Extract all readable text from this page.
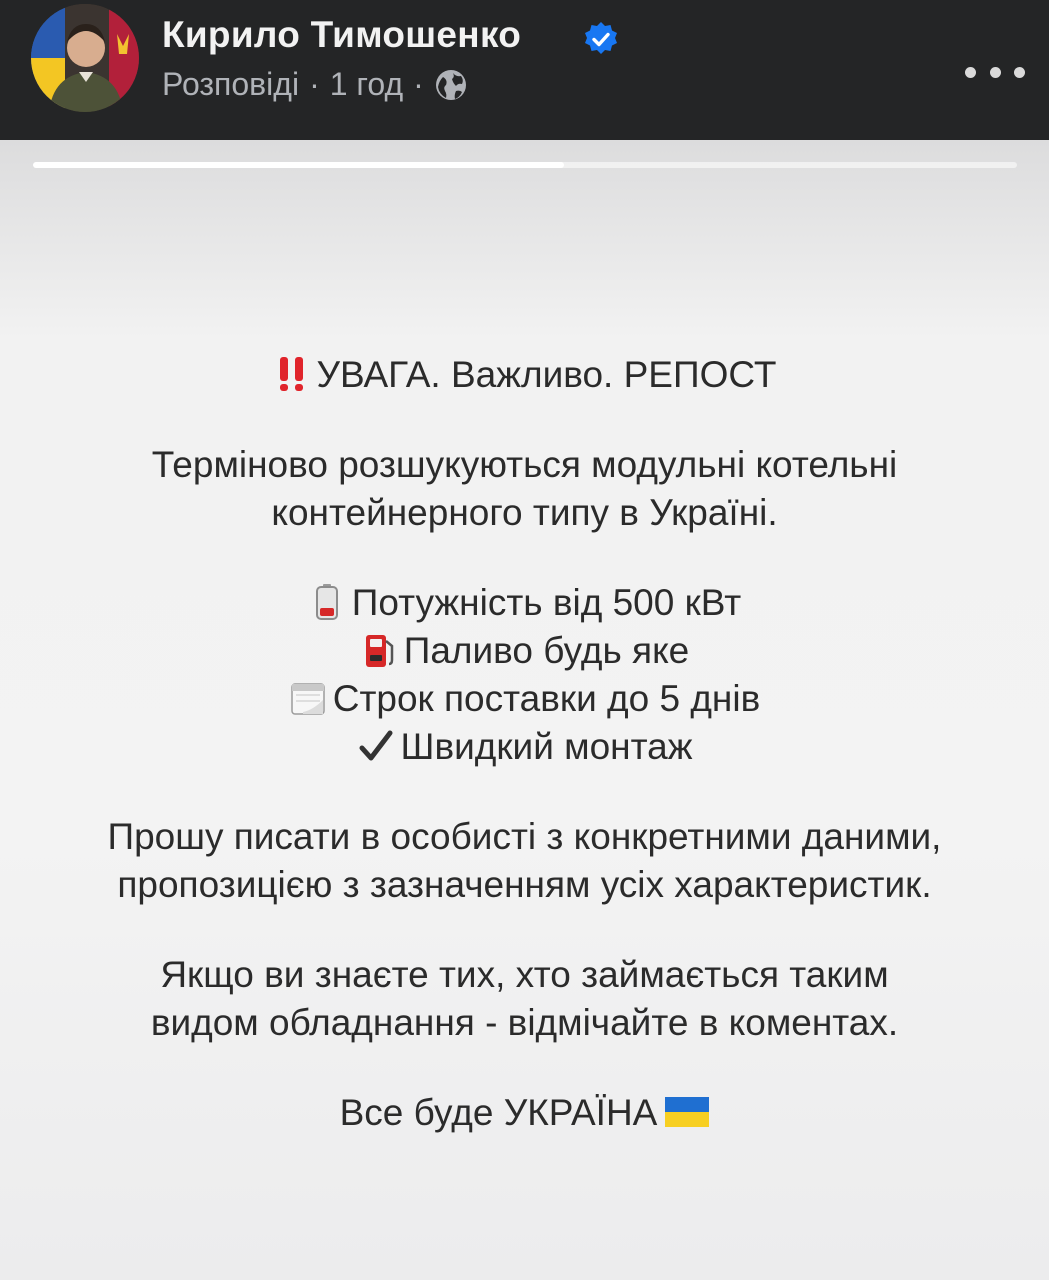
Кирило Тимошенко
Розповіді · 1 год ·

УВАГА. Важливо. РЕПОСТ

Терміново розшукуються модульні котельні

контейнерного типу в Україні.

Потужність від 500 кВт

Паливо будь яке

Строк поставки до 5 днів

Швидкий монтаж

Прошу писати в особисті з конкретними даними,

пропозицією з зазначенням усіх характеристик.

Якщо ви знаєте тих, хто займається таким

видом обладнання - відмічайте в коментах.

Все буде УКРАЇНА
